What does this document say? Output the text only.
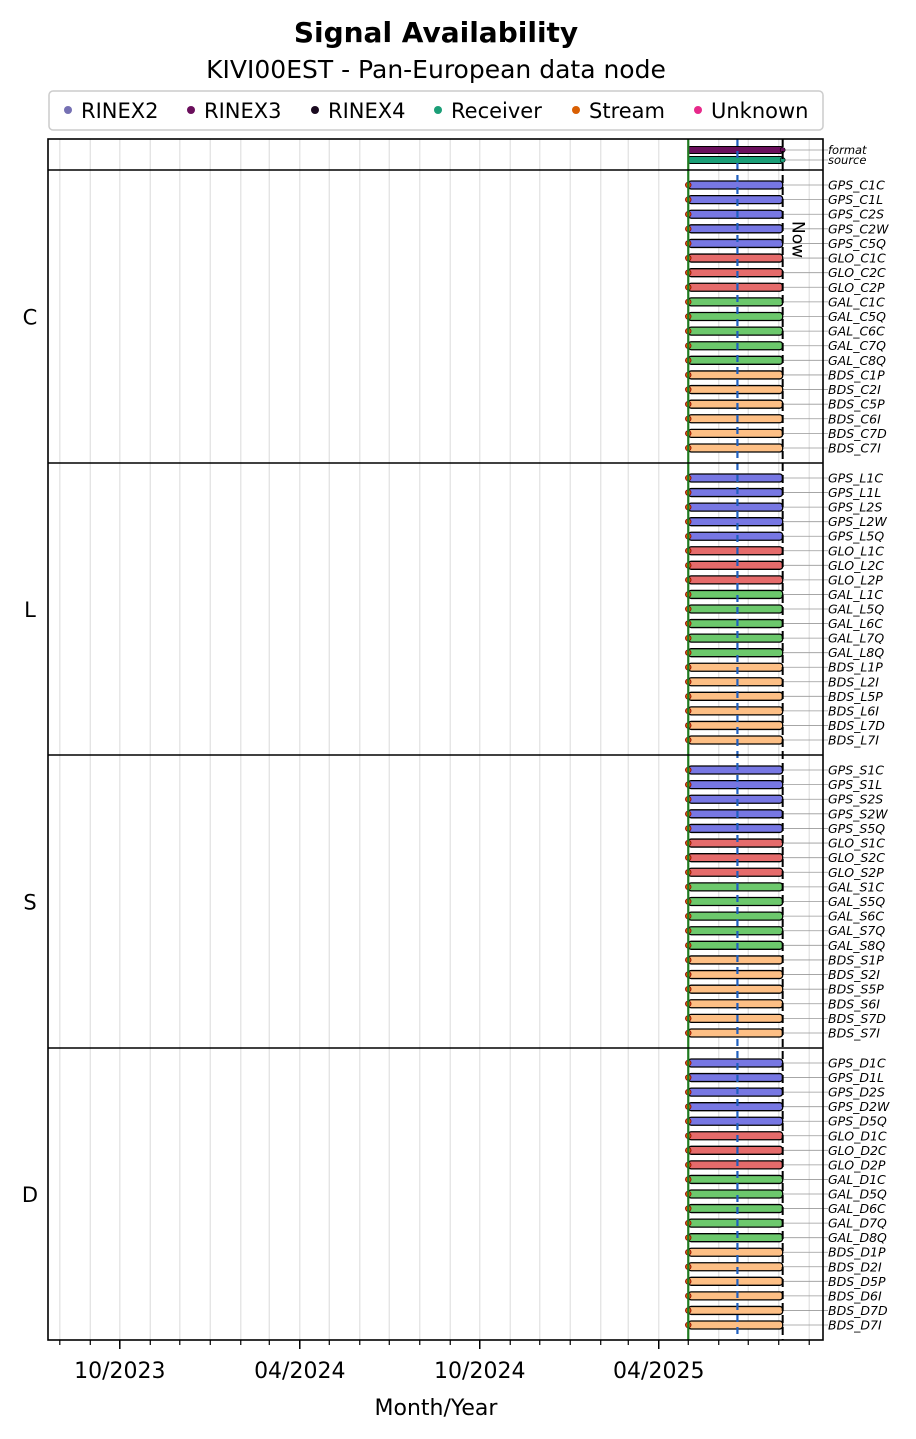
Signal Availability
KIVI00EST - Pan-European data node
RINEX2 RINEX3 RINEX4 Receiver Stream Unknown
Now
format
source
GPS_C1C
GPS_C1L
GPS_C2S
GPS_C2W
GPS_C5Q
GLO_C1C
GLO_C2C
GLO_C2P
GAL_C1C
GAL_C5Q
GAL_C6C
GAL_C7Q
GAL_C8Q
BDS_C1P
BDS_C2I
BDS_C5P
BDS_C6I
BDS_C7D
BDS_C7I
C
GPS_L1C
GPS_L1L
GPS_L2S
GPS_L2W
GPS_L5Q
GLO_L1C
GLO_L2C
GLO_L2P
GAL_L1C
GAL_L5Q
GAL_L6C
GAL_L7Q
GAL_L8Q
BDS_L1P
BDS_L2I
BDS_L5P
BDS_L6I
BDS_L7D
BDS_L7I
L
GPS_S1C
GPS_S1L
GPS_S2S
GPS_S2W
GPS_S5Q
GLO_S1C
GLO_S2C
GLO_S2P
GAL_S1C
GAL_S5Q
GAL_S6C
GAL_S7Q
GAL_S8Q
BDS_S1P
BDS_S2I
BDS_S5P
BDS_S6I
BDS_S7D
BDS_S7I
S
GPS_D1C
GPS_D1L
GPS_D2S
GPS_D2W
GPS_D5Q
GLO_D1C
GLO_D2C
GLO_D2P
GAL_D1C
GAL_D5Q
GAL_D6C
GAL_D7Q
GAL_D8Q
BDS_D1P
BDS_D2I
BDS_D5P
BDS_D6I
BDS_D7D
BDS_D7I
D
10/2023	04/2024	10/2024	04/2025
Month/Year
